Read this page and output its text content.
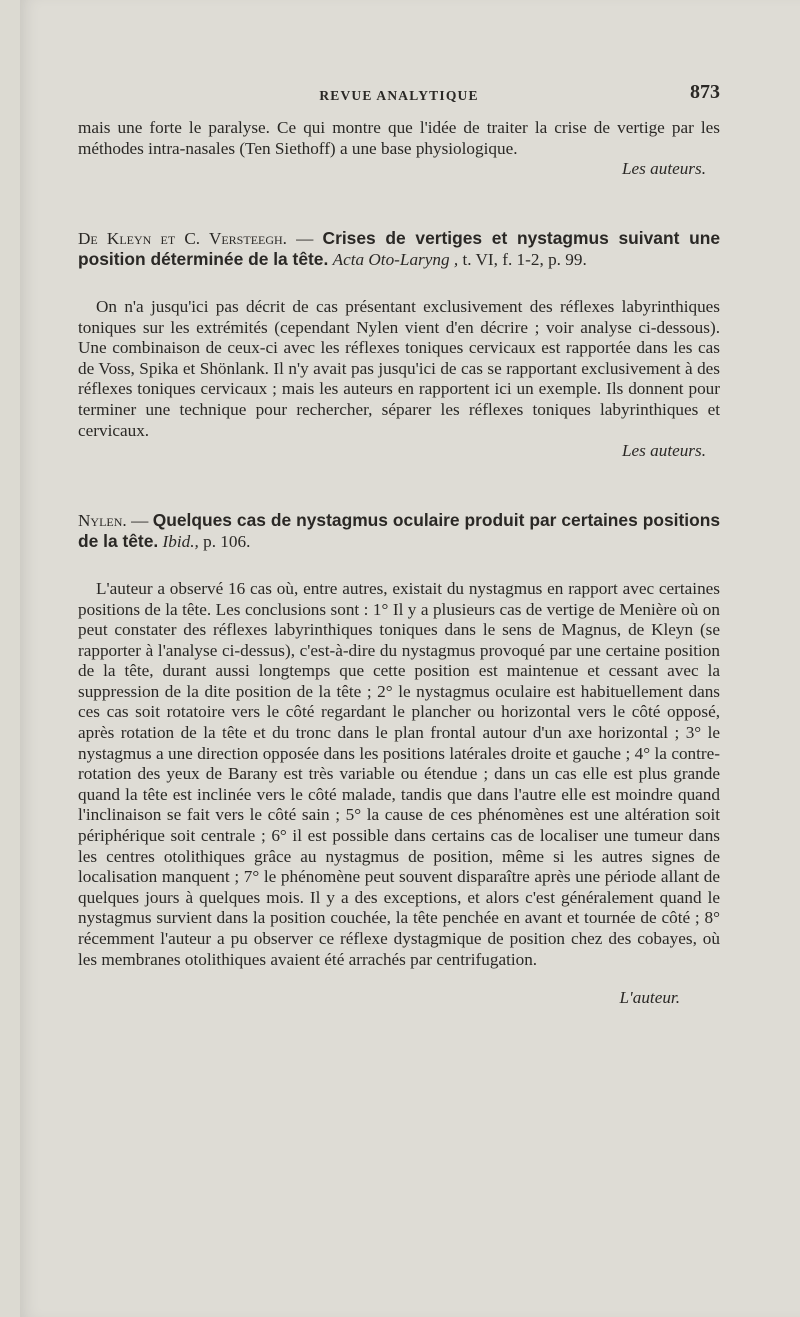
REVUE ANALYTIQUE	873

mais une forte le paralyse. Ce qui montre que l'idée de traiter la crise de vertige par les méthodes intra-nasales (Ten Siethoff) a une base physiologique.

Les auteurs.

De Kleyn et C. Versteegh. — Crises de vertiges et nystagmus suivant une position déterminée de la tête. Acta Oto-Laryng , t. VI, f. 1-2, p. 99.

On n'a jusqu'ici pas décrit de cas présentant exclusivement des réflexes labyrinthiques toniques sur les extrémités (cependant Nylen vient d'en décrire ; voir analyse ci-dessous). Une combinaison de ceux-ci avec les réflexes toniques cervicaux est rapportée dans les cas de Voss, Spika et Shönlank. Il n'y avait pas jusqu'ici de cas se rapportant exclusivement à des réflexes toniques cervicaux ; mais les auteurs en rapportent ici un exemple. Ils donnent pour terminer une technique pour rechercher, séparer les réflexes toniques labyrinthiques et cervicaux.

Les auteurs.

Nylen. — Quelques cas de nystagmus oculaire produit par certaines positions de la tête. Ibid., p. 106.

L'auteur a observé 16 cas où, entre autres, existait du nystagmus en rapport avec certaines positions de la tête. Les conclusions sont : 1° Il y a plusieurs cas de vertige de Menière où on peut constater des réflexes labyrinthiques toniques dans le sens de Magnus, de Kleyn (se rapporter à l'analyse ci-dessus), c'est-à-dire du nystagmus provoqué par une certaine position de la tête, durant aussi longtemps que cette position est maintenue et cessant avec la suppression de la dite position de la tête ; 2° le nystagmus oculaire est habituellement dans ces cas soit rotatoire vers le côté regardant le plancher ou horizontal vers le côté opposé, après rotation de la tête et du tronc dans le plan frontal autour d'un axe horizontal ; 3° le nystagmus a une direction opposée dans les positions latérales droite et gauche ; 4° la contre-rotation des yeux de Barany est très variable ou étendue ; dans un cas elle est plus grande quand la tête est inclinée vers le côté malade, tandis que dans l'autre elle est moindre quand l'inclinaison se fait vers le côté sain ; 5° la cause de ces phénomènes est une altération soit périphérique soit centrale ; 6° il est possible dans certains cas de localiser une tumeur dans les centres otolithiques grâce au nystagmus de position, même si les autres signes de localisation manquent ; 7° le phénomène peut souvent disparaître après une période allant de quelques jours à quelques mois. Il y a des exceptions, et alors c'est généralement quand le nystagmus survient dans la position couchée, la tête penchée en avant et tournée de côté ; 8° récemment l'auteur a pu observer ce réflexe dystagmique de position chez des cobayes, où les membranes otolithiques avaient été arrachés par centrifugation.

L'auteur.
